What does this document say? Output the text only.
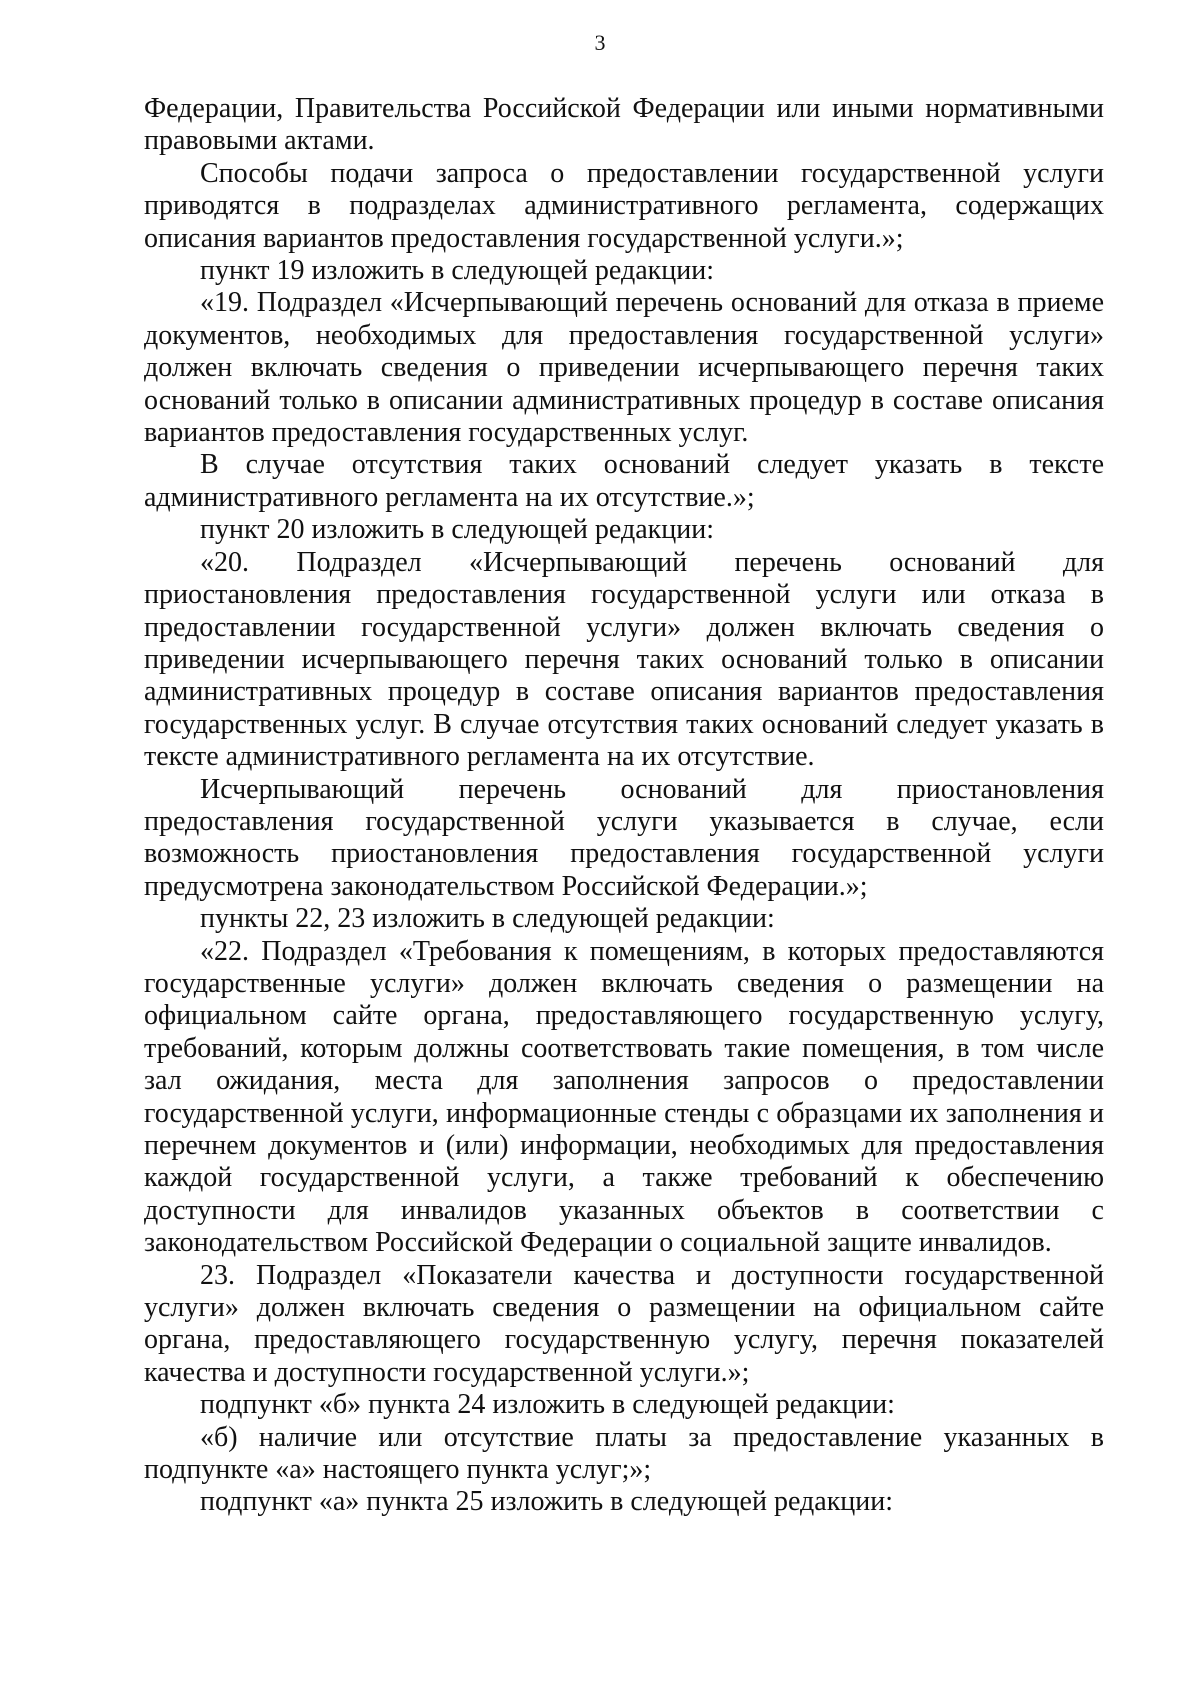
3

Федерации, Правительства Российской Федерации или иными нормативными правовыми актами.

Способы подачи запроса о предоставлении государственной услуги приводятся в подразделах административного регламента, содержащих описания вариантов предоставления государственной услуги.»;

пункт 19 изложить в следующей редакции:

«19. Подраздел «Исчерпывающий перечень оснований для отказа в приеме документов, необходимых для предоставления государственной услуги» должен включать сведения о приведении исчерпывающего перечня таких оснований только в описании административных процедур в составе описания вариантов предоставления государственных услуг.

В случае отсутствия таких оснований следует указать в тексте административного регламента на их отсутствие.»;

пункт 20 изложить в следующей редакции:

«20. Подраздел «Исчерпывающий перечень оснований для приостановления предоставления государственной услуги или отказа в предоставлении государственной услуги» должен включать сведения о приведении исчерпывающего перечня таких оснований только в описании административных процедур в составе описания вариантов предоставления государственных услуг. В случае отсутствия таких оснований следует указать в тексте административного регламента на их отсутствие.

Исчерпывающий перечень оснований для приостановления предоставления государственной услуги указывается в случае, если возможность приостановления предоставления государственной услуги предусмотрена законодательством Российской Федерации.»;

пункты 22, 23 изложить в следующей редакции:

«22. Подраздел «Требования к помещениям, в которых предоставляются государственные услуги» должен включать сведения о размещении на официальном сайте органа, предоставляющего государственную услугу, требований, которым должны соответствовать такие помещения, в том числе зал ожидания, места для заполнения запросов о предоставлении государственной услуги, информационные стенды с образцами их заполнения и перечнем документов и (или) информации, необходимых для предоставления каждой государственной услуги, а также требований к обеспечению доступности для инвалидов указанных объектов в соответствии с законодательством Российской Федерации о социальной защите инвалидов.

23. Подраздел «Показатели качества и доступности государственной услуги» должен включать сведения о размещении на официальном сайте органа, предоставляющего государственную услугу, перечня показателей качества и доступности государственной услуги.»;

подпункт «б» пункта 24 изложить в следующей редакции:

«б) наличие или отсутствие платы за предоставление указанных в подпункте «а» настоящего пункта услуг;»;

подпункт «а» пункта 25 изложить в следующей редакции:
